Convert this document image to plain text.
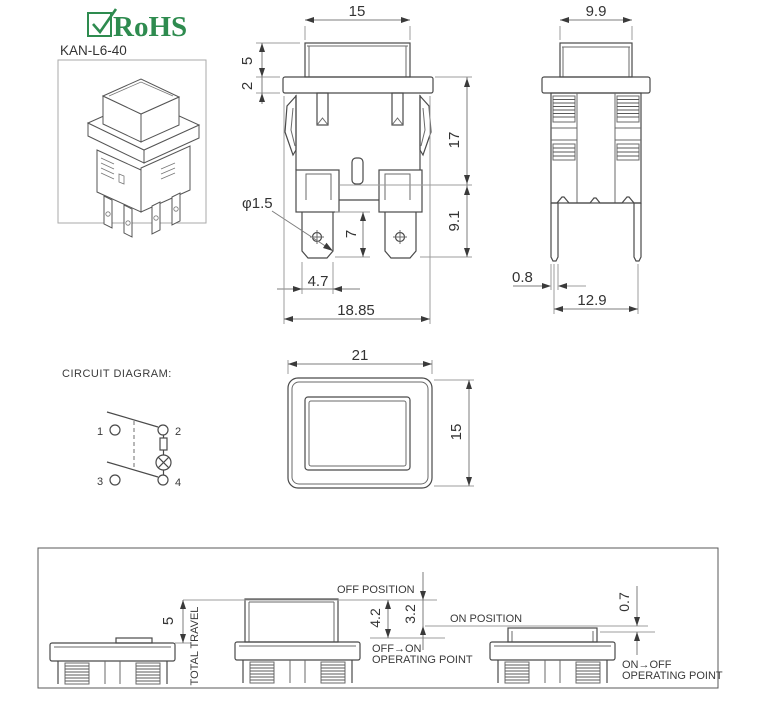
RoHS
KAN-L6-40
15
5
2
17
9.1
7
φ1.5
4.7
18.85
9.9
0.8
12.9
21
15
CIRCUIT DIAGRAM:
1	2
3	4
5 TOTAL TRAVEL
OFF POSITION
ON POSITION
OFF→ON
OPERATING POINT	ON→OFF
OPERATING POINT
4.2 3.2
0.7
